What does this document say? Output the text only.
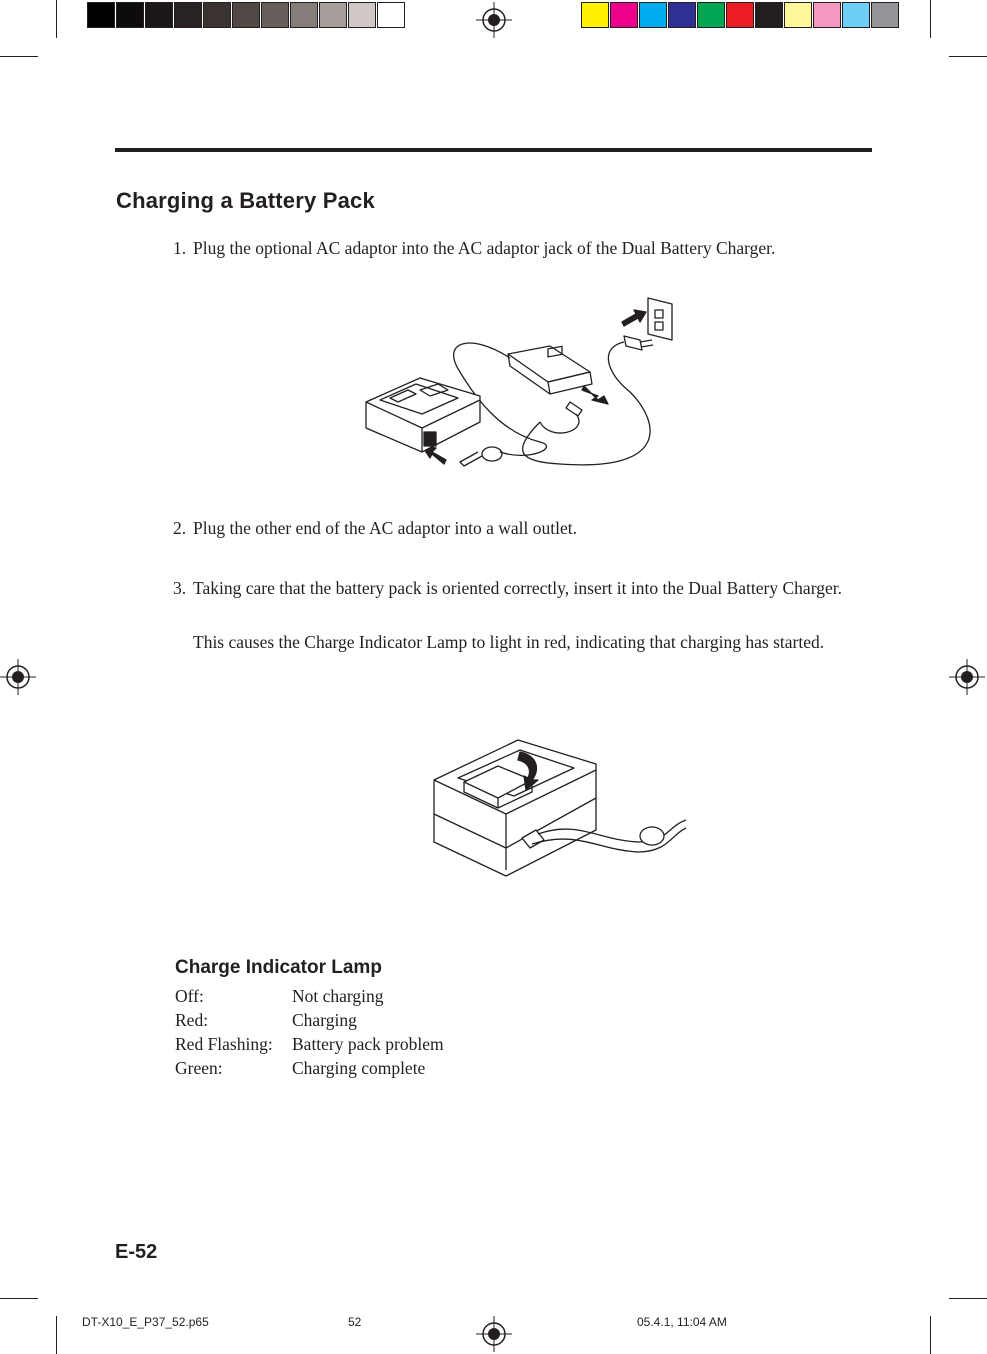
Charging a Battery Pack
1. Plug the optional AC adaptor into the AC adaptor jack of the Dual Battery Charger.
2. Plug the other end of the AC adaptor into a wall outlet.
3. Taking care that the battery pack is oriented correctly, insert it into the Dual Battery Charger.
This causes the Charge Indicator Lamp to light in red, indicating that charging has started.
Charge Indicator Lamp
Off:	Not charging
Red:	Charging
Red Flashing: Battery pack problem
Green:	Charging complete
E-52
DT-X10_E_P37_52.p65	52	05.4.1, 11:04 AM
